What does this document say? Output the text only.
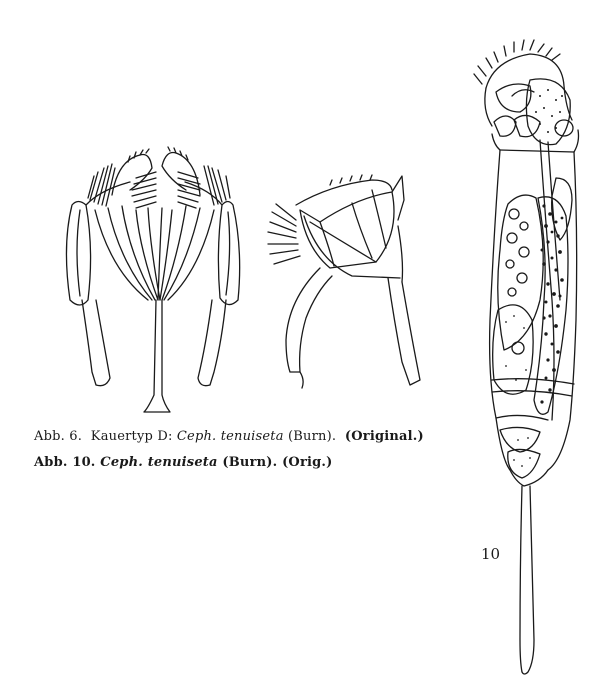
Abb. 6. Kauertyp D: Ceph. tenuiseta (Burn). (Original.)
Abb. 10. Ceph. tenuiseta (Burn). (Orig.)
10
